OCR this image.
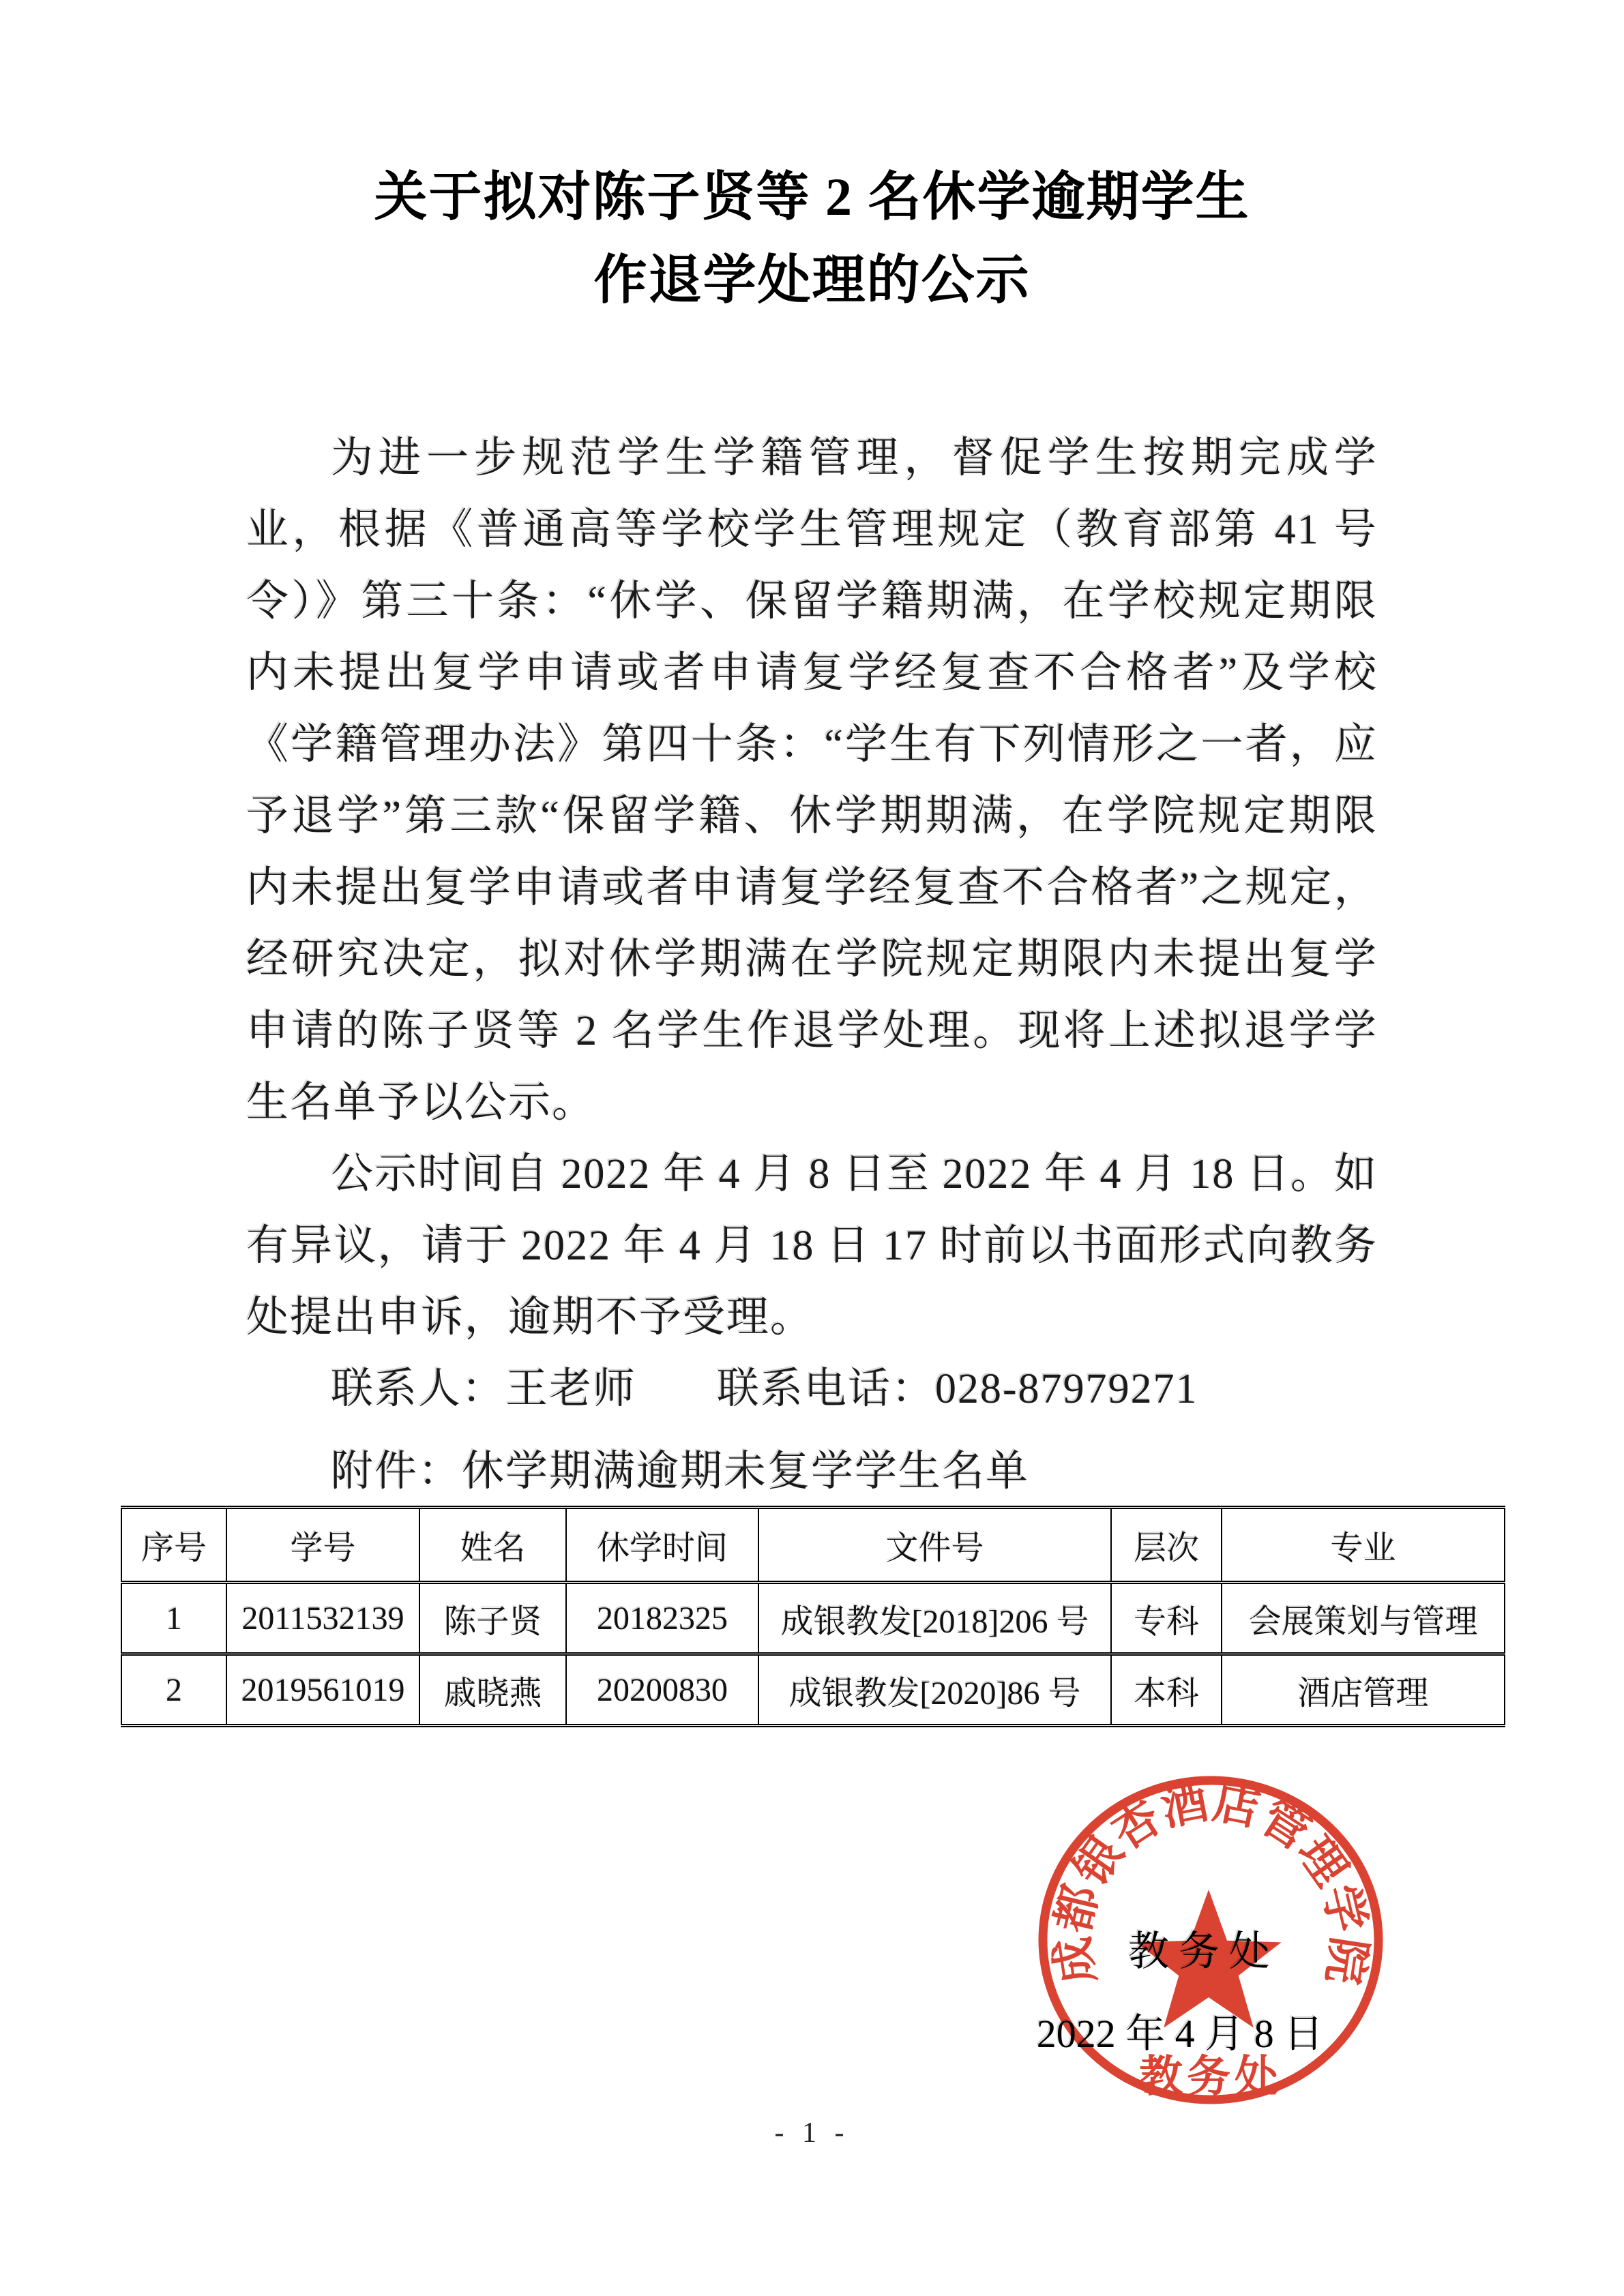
关于拟对陈子贤等 2 名休学逾期学生
作退学处理的公示

为进一步规范学生学籍管理，督促学生按期完成学业，根据《普通高等学校学生管理规定（教育部第 41 号令）》第三十条：“休学、保留学籍期满，在学校规定期限内未提出复学申请或者申请复学经复查不合格者”及学校《学籍管理办法》第四十条：“学生有下列情形之一者，应予退学”第三款“保留学籍、休学期期满，在学院规定期限内未提出复学申请或者申请复学经复查不合格者”之规定，经研究决定，拟对休学期满在学院规定期限内未提出复学申请的陈子贤等 2 名学生作退学处理。现将上述拟退学学生名单予以公示。

公示时间自 2022 年 4 月 8 日至 2022 年 4 月 18 日。如有异议，请于 2022 年 4 月 18 日 17 时前以书面形式向教务处提出申诉，逾期不予受理。

联系人：王老师 联系电话：028-87979271

附件：休学期满逾期未复学学生名单

序号	学号	姓名	休学时间	文件号	层次	专业
1	2011532139	陈子贤	20182325	成银教发[2018]206 号	专科	会展策划与管理
2	2019561019	戚晓燕	20200830	成银教发[2020]86 号	本科	酒店管理
成都银杏酒店管理学院
教务处
教务处
2022 年 4 月 8 日
- 1 -
